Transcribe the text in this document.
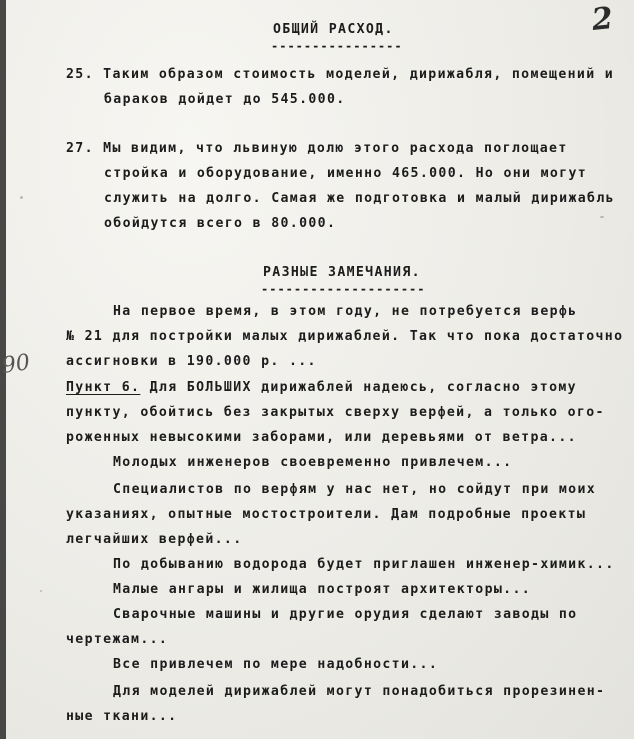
2
90
ОБЩИЙ РАСХОД.
----------------
25. Таким образом стоимость моделей, дирижабля, помещений и
бараков дойдет до 545.000.
27. Мы видим, что львиную долю этого расхода поглощает
стройка и оборудование, именно 465.000. Но они могут
служить на долго. Самая же подготовка и малый дирижабль
обойдутся всего в 80.000.
РАЗНЫЕ ЗАМЕЧАНИЯ.
--------------------
На первое время, в этом году, не потребуется верфь
№ 21 для постройки малых дирижаблей. Так что пока достаточно
ассигновки в 190.000 р. ...
Пункт 6. Для БОЛЬШИХ дирижаблей надеюсь, согласно этому
пункту, обойтись без закрытых сверху верфей, а только ого-
роженных невысокими заборами, или деревьями от ветра...
Молодых инженеров своевременно привлечем...
Специалистов по верфям у нас нет, но сойдут при моих
указаниях, опытные мостостроители. Дам подробные проекты
легчайших верфей...
По добыванию водорода будет приглашен инженер-химик...
Малые ангары и жилища построят архитекторы...
Сварочные машины и другие орудия сделают заводы по
чертежам...
Все привлечем по мере надобности...
Для моделей дирижаблей могут понадобиться прорезинен-
ные ткани...
